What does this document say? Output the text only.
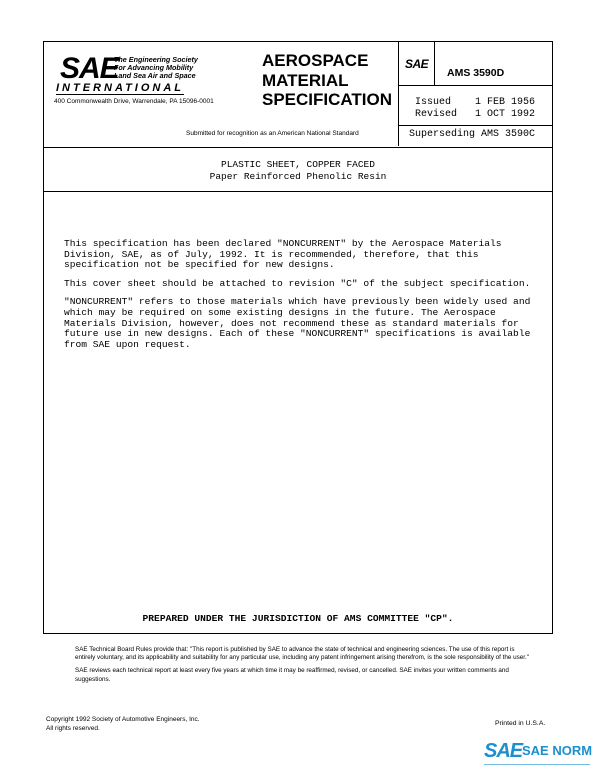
SAE
The Engineering Society
For Advancing Mobility
Land Sea Air and Space
INTERNATIONAL
400 Commonwealth Drive, Warrendale, PA 15096-0001
AEROSPACE
MATERIAL
SPECIFICATION
Submitted for recognition as an American National Standard
SAE
AMS 3590D
Issued 1 FEB 1956
Revised 1 OCT 1992
Superseding AMS 3590C
PLASTIC SHEET, COPPER FACED
Paper Reinforced Phenolic Resin

This specification has been declared "NONCURRENT" by the Aerospace Materials
Division, SAE, as of July, 1992. It is recommended, therefore, that this
specification not be specified for new designs.

This cover sheet should be attached to revision "C" of the subject specification.

"NONCURRENT" refers to those materials which have previously been widely used and
which may be required on some existing designs in the future. The Aerospace
Materials Division, however, does not recommend these as standard materials for
future use in new designs. Each of these "NONCURRENT" specifications is available
from SAE upon request.

PREPARED UNDER THE JURISDICTION OF AMS COMMITTEE "CP".

SAE Technical Board Rules provide that: "This report is published by SAE to advance the state of technical and engineering sciences. The use of this report is entirely voluntary, and its applicability and suitability for any particular use, including any patent infringement arising therefrom, is the sole responsibility of the user."

SAE reviews each technical report at least every five years at which time it may be reaffirmed, revised, or cancelled. SAE invites your written comments and suggestions.

Copyright 1992 Society of Automotive Engineers, Inc.
All rights reserved.
Printed in U.S.A.
SAE SAE NORM
